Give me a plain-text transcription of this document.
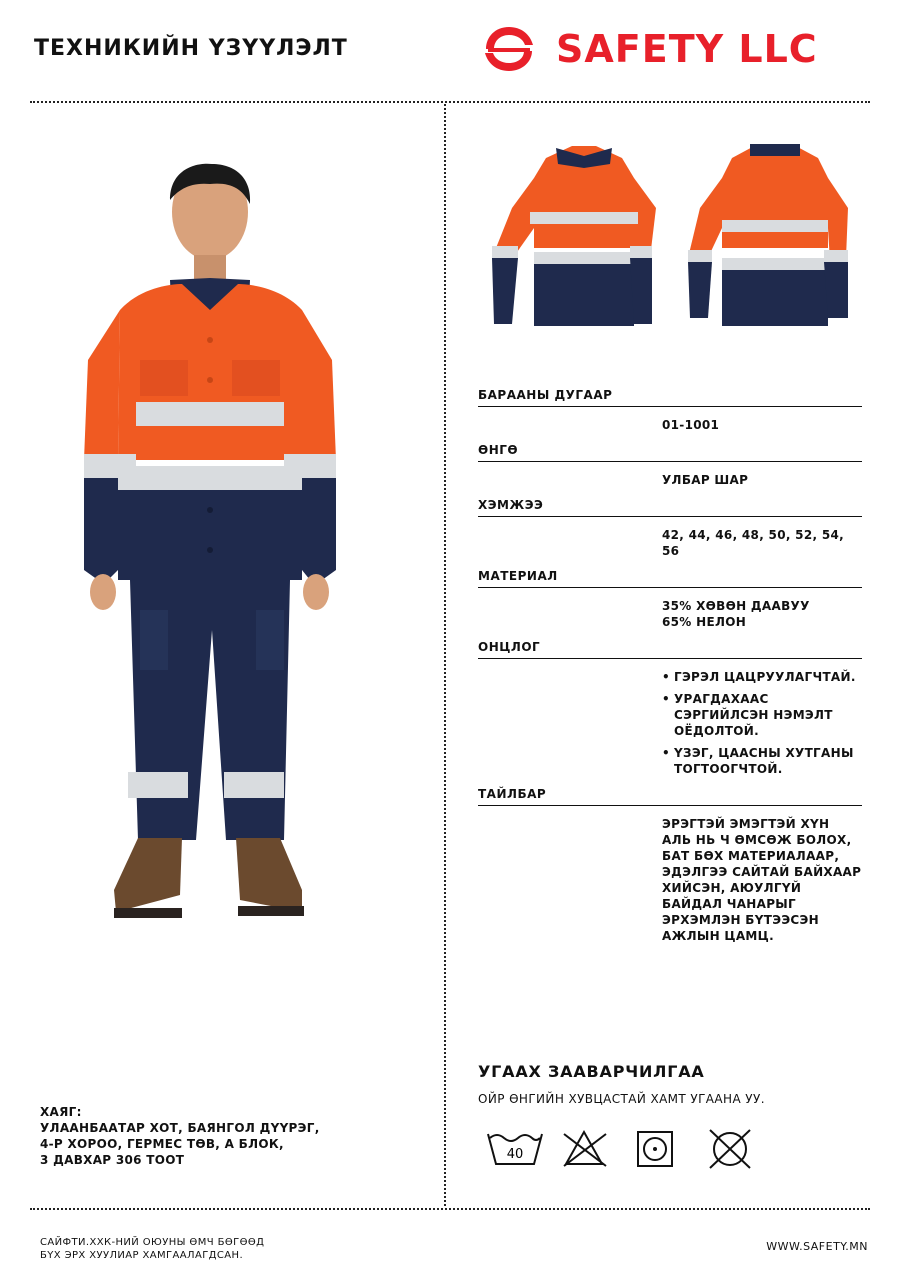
ТЕХНИКИЙН ҮЗҮҮЛЭЛТ	SAFETY LLC
БАРААНЫ ДУГААР
01-1001
ӨНГӨ
УЛБАР ШАР
ХЭМЖЭЭ
42, 44, 46, 48, 50, 52, 54, 56
МАТЕРИАЛ
35% ХӨВӨН ДААВУУ
65% НЕЛОН
ОНЦЛОГ
• ГЭРЭЛ ЦАЦРУУЛАГЧТАЙ.
• УРАГДАХААС СЭРГИЙЛСЭН НЭМЭЛТ ОЁДОЛТОЙ.
• ҮЗЭГ, ЦААСНЫ ХУТГАНЫ ТОГТООГЧТОЙ.
ТАЙЛБАР
ЭРЭГТЭЙ ЭМЭГТЭЙ ХҮН АЛЬ НЬ Ч ӨМСӨЖ БОЛОХ, БАТ БӨХ МАТЕРИАЛААР, ЭДЭЛГЭЭ САЙТАЙ БАЙХААР ХИЙСЭН, АЮУЛГҮЙ БАЙДАЛ ЧАНАРЫГ ЭРХЭМЛЭН БҮТЭЭСЭН АЖЛЫН ЦАМЦ.
УГААХ ЗААВАРЧИЛГАА
ОЙР ӨНГИЙН ХУВЦАСТАЙ ХАМТ УГААНА УУ.
40
ХАЯГ:
УЛААНБААТАР ХОТ, БАЯНГОЛ ДҮҮРЭГ,
4-Р ХОРОО, ГЕРМЕС ТӨВ, А БЛОК,
3 ДАВХАР 306 ТООТ
САЙФТИ.ХХК-НИЙ ОЮУНЫ ӨМЧ БӨГӨӨД
БҮХ ЭРХ ХУУЛИАР ХАМГААЛАГДСАН.
WWW.SAFETY.MN
